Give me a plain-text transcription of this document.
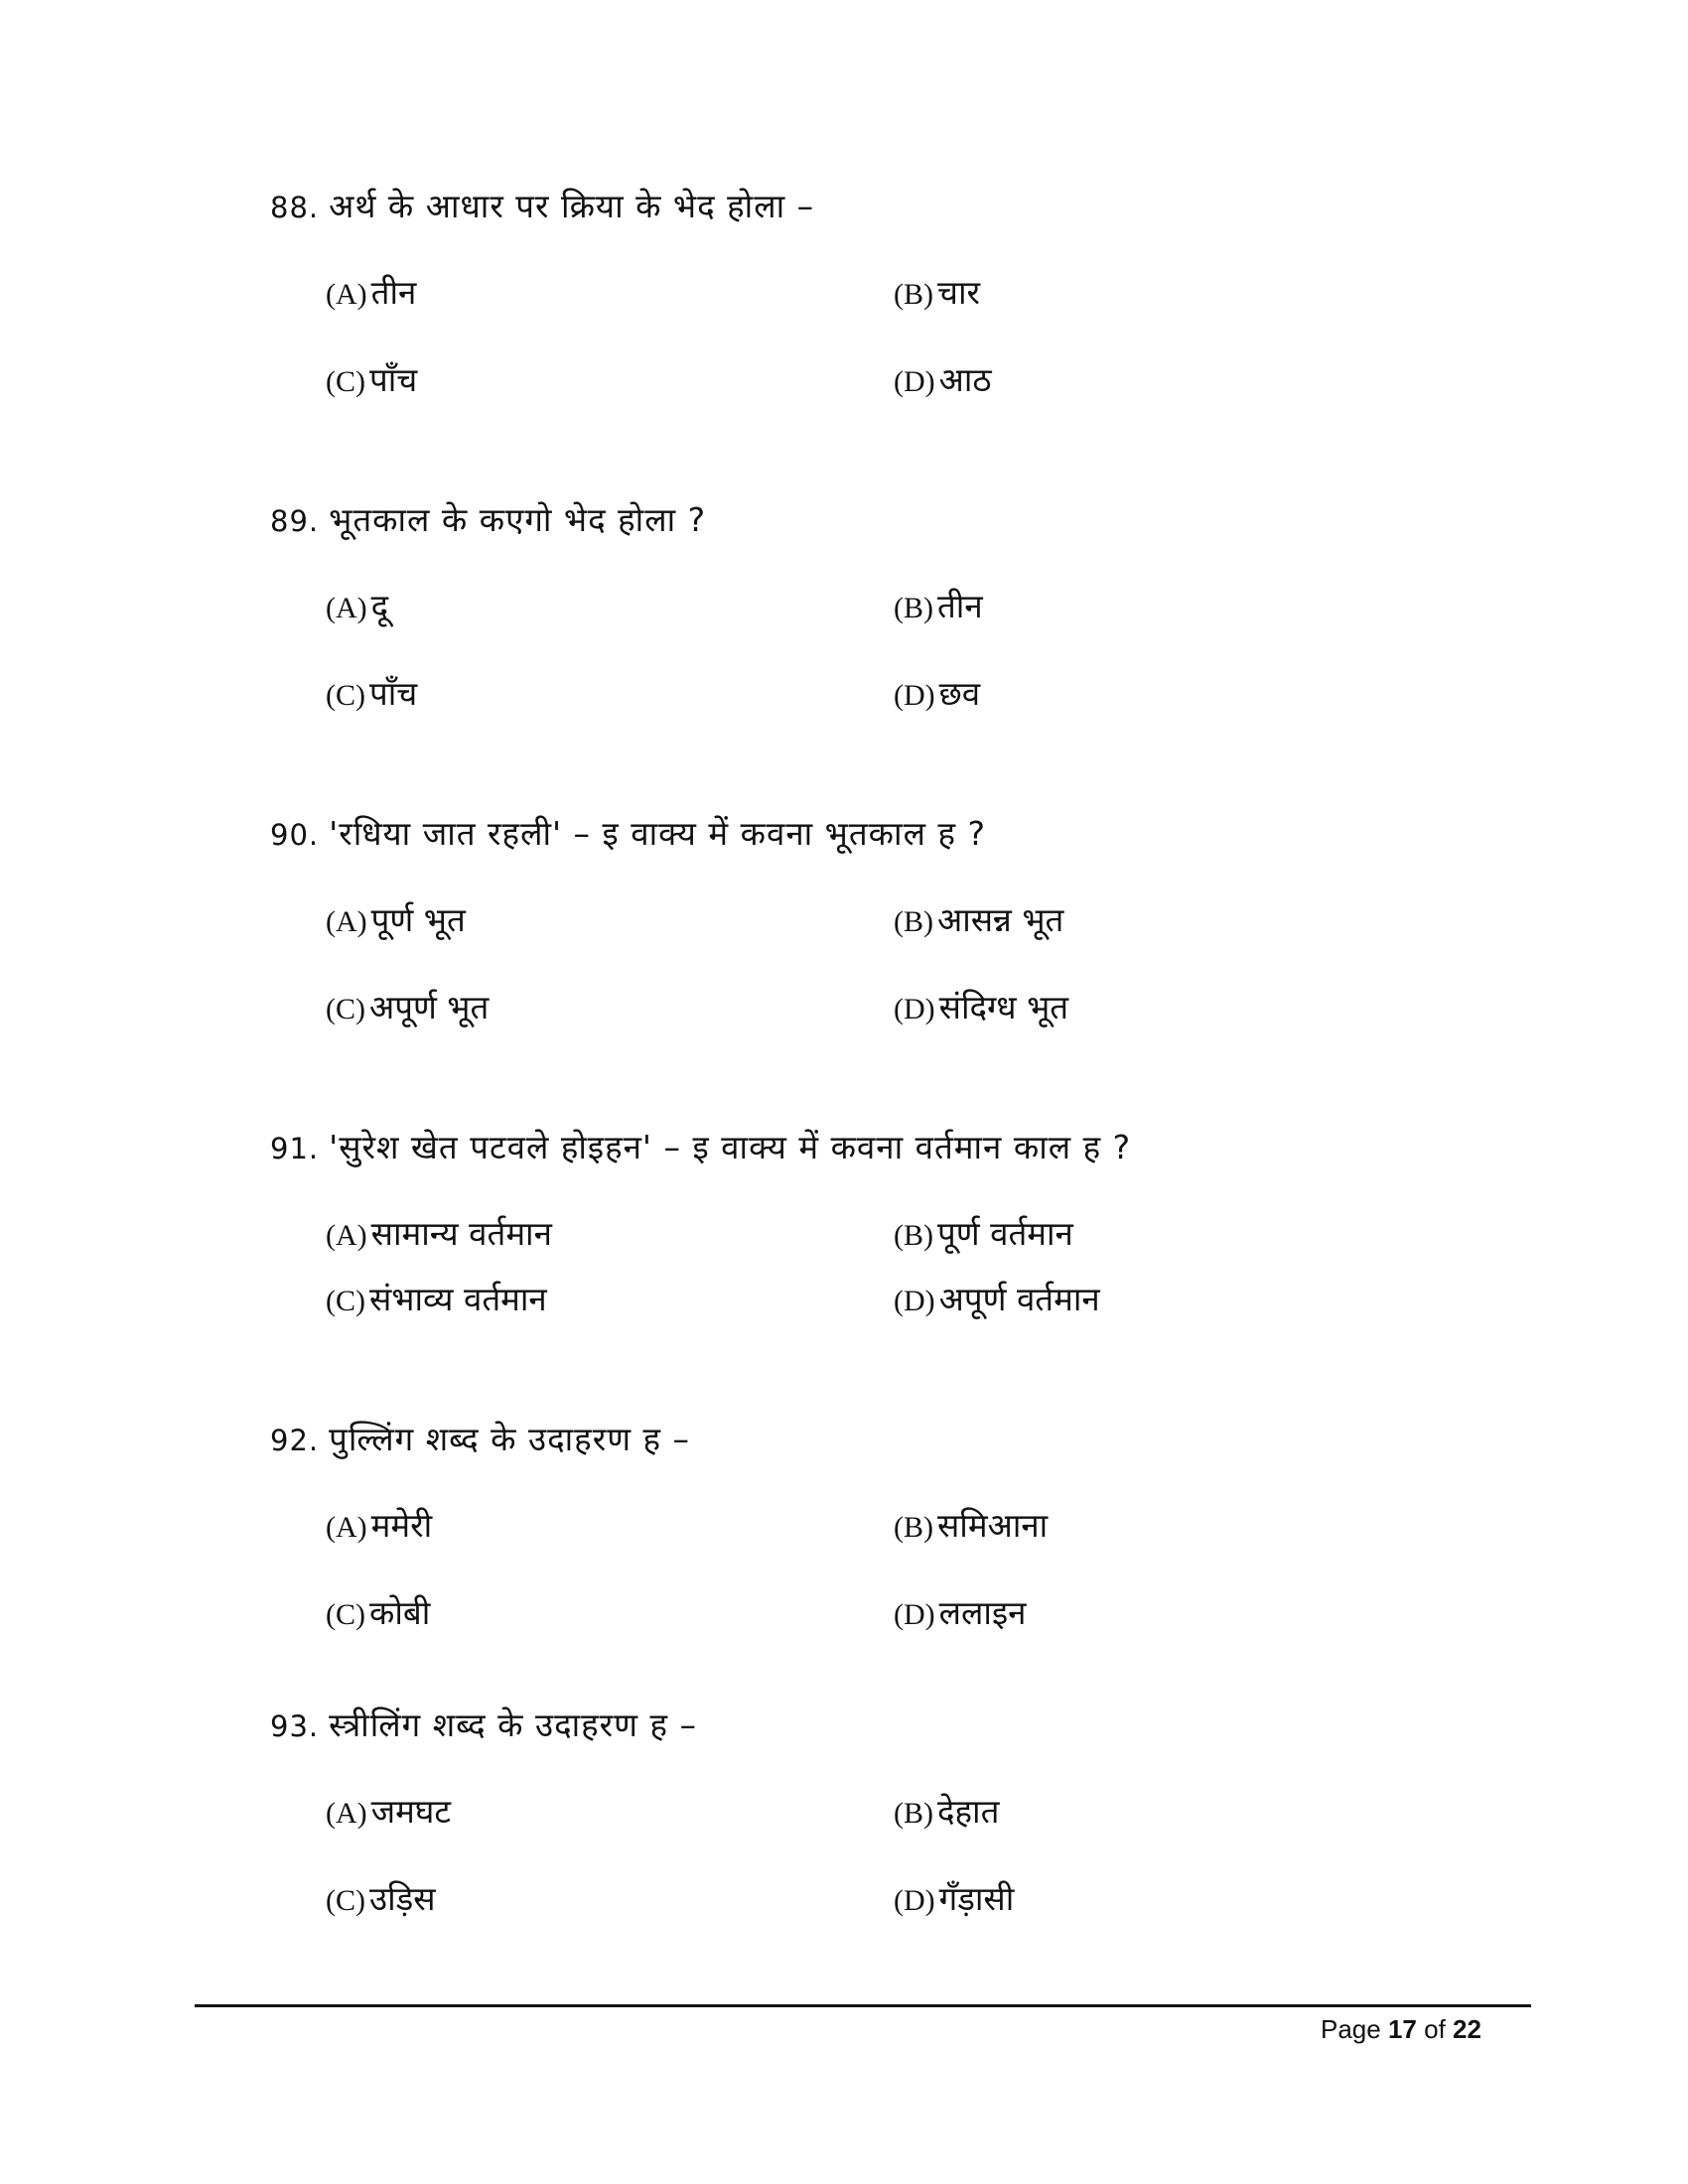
88. अर्थ के आधार पर क्रिया के भेद होला –
(A) तीन	(B) चार
(C) पाँच	(D) आठ
89. भूतकाल के कएगो भेद होला ?
(A) दू	(B) तीन
(C) पाँच	(D) छव
90. 'रधिया जात रहली' – इ वाक्य में कवना भूतकाल ह ?
(A) पूर्ण भूत	(B) आसन्न भूत
(C) अपूर्ण भूत	(D) संदिग्ध भूत
91. 'सुरेश खेत पटवले होइहन' – इ वाक्य में कवना वर्तमान काल ह ?
(A) सामान्य वर्तमान	(B) पूर्ण वर्तमान
(C) संभाव्य वर्तमान	(D) अपूर्ण वर्तमान
92. पुल्लिंग शब्द के उदाहरण ह –
(A) ममेरी	(B) समिआना
(C) कोबी	(D) ललाइन
93. स्त्रीलिंग शब्द के उदाहरण ह –
(A) जमघट	(B) देहात
(C) उड़िस	(D) गँड़ासी
Page 17 of 22
